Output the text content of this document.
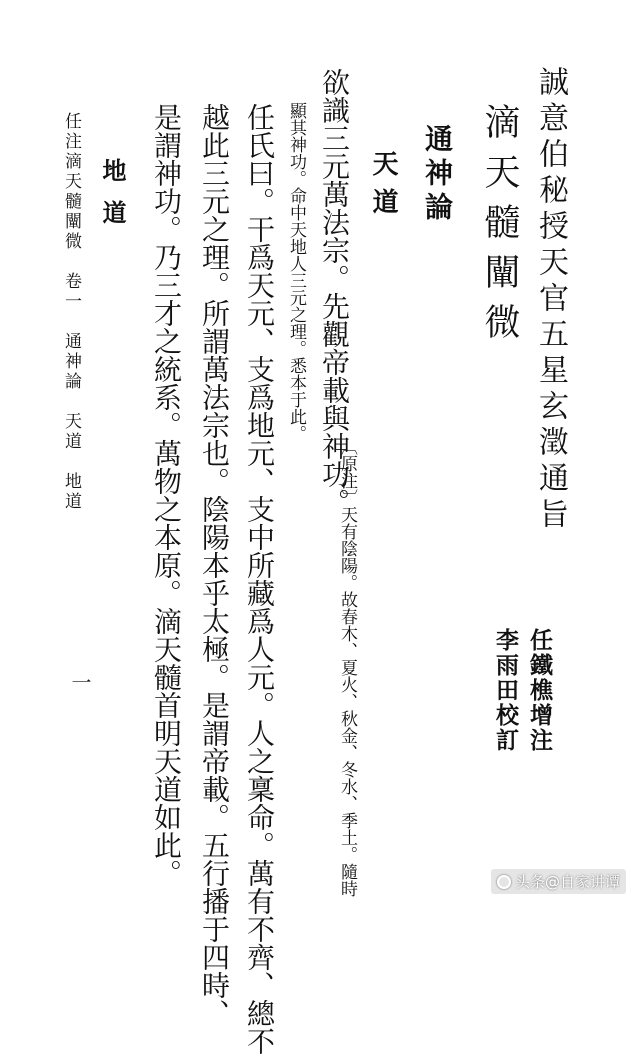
誠意伯秘授天官五星玄澂通旨
滴天髓闡微
通神論
天道
欲識三元萬法宗。先觀帝載與神功。
〔原注〕天有陰陽。故春木、夏火、秋金、冬水、季土。隨時
顯其神功。命中天地人三元之理。悉本于此。
任氏曰。干爲天元、支爲地元、支中所藏爲人元。人之稟命。萬有不齊、總不
越此三元之理。所謂萬法宗也。陰陽本乎太極。是謂帝載。五行播于四時、
是謂神功。乃三才之統系。萬物之本原。滴天髓首明天道如此。
地道
任注滴天髓闡微　卷一　通神論　天道　地道
一	任鐵樵增注
李雨田校訂
头条@自家讲谭
